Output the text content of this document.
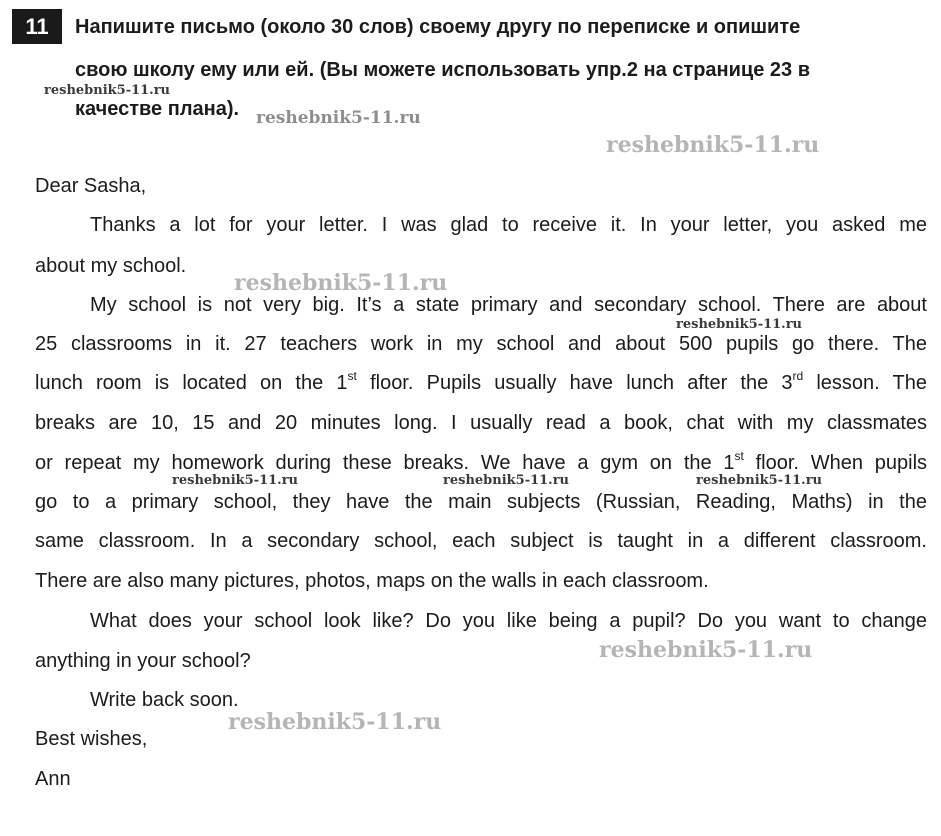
11	Напишите письмо (около 30 слов) своему другу по переписке и опишите
свою школу ему или ей. (Вы можете использовать упр.2 на странице 23 в
качестве плана).
Dear Sasha,
Thanks a lot for your letter. I was glad to receive it. In your letter, you asked me
about my school.
My school is not very big. It’s a state primary and secondary school. There are about
25 classrooms in it. 27 teachers work in my school and about 500 pupils go there. The
lunch room is located on the 1st floor. Pupils usually have lunch after the 3rd lesson. The
breaks are 10, 15 and 20 minutes long. I usually read a book, chat with my classmates
or repeat my homework during these breaks. We have a gym on the 1st floor. When pupils
go to a primary school, they have the main subjects (Russian, Reading, Maths) in the
same classroom. In a secondary school, each subject is taught in a different classroom.
There are also many pictures, photos, maps on the walls in each classroom.
What does your school look like? Do you like being a pupil? Do you want to change
anything in your school?
Write back soon.
Best wishes,
Ann
reshebnik5-11.ru
reshebnik5-11.ru
reshebnik5-11.ru
reshebnik5-11.ru
reshebnik5-11.ru
reshebnik5-11.ru	reshebnik5-11.ru	reshebnik5-11.ru
reshebnik5-11.ru
reshebnik5-11.ru
